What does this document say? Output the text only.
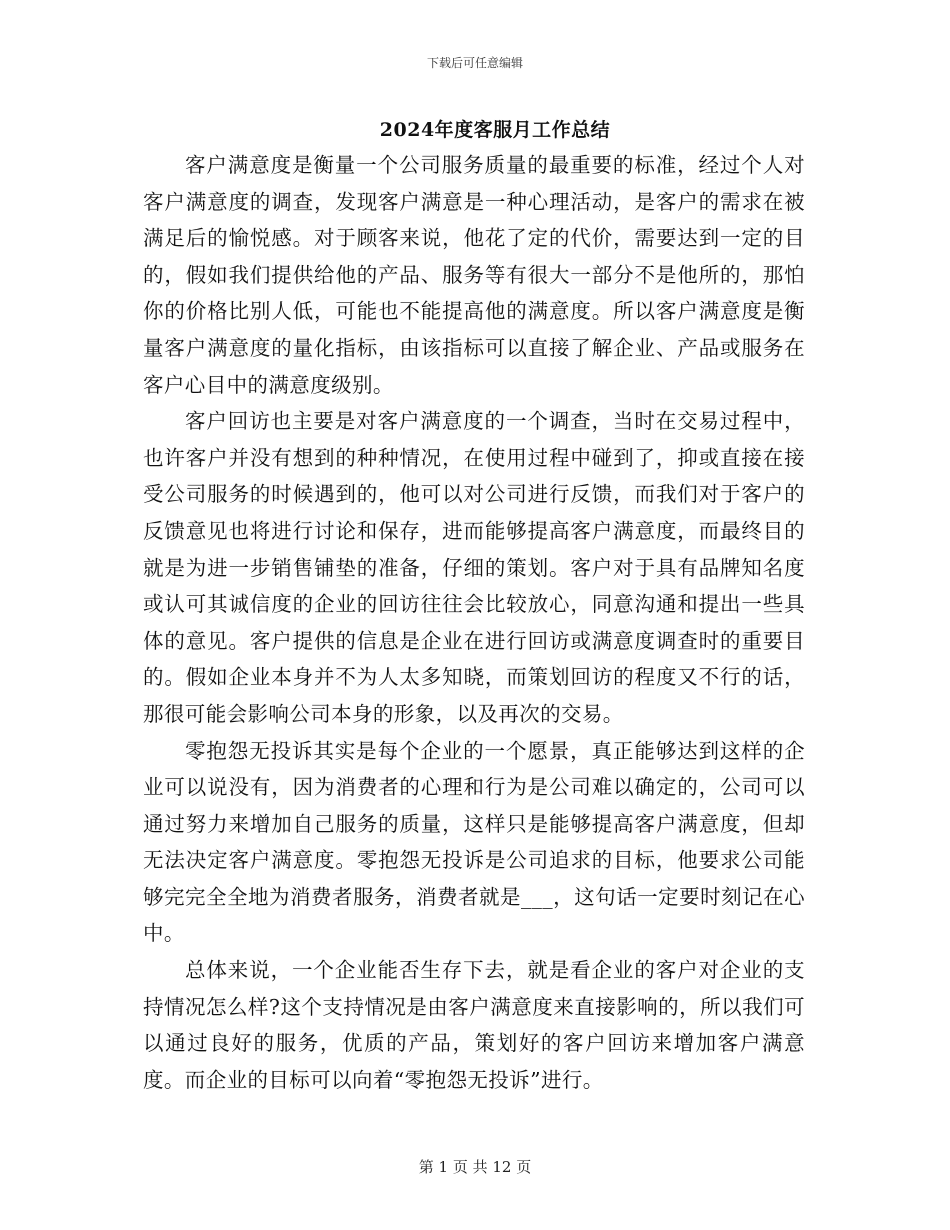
下载后可任意编辑
2024年度客服月工作总结

客户满意度是衡量一个公司服务质量的最重要的标准，经过个人对客户满意度的调查，发现客户满意是一种心理活动，是客户的需求在被满足后的愉悦感。对于顾客来说，他花了定的代价，需要达到一定的目的，假如我们提供给他的产品、服务等有很大一部分不是他所的，那怕你的价格比别人低，可能也不能提高他的满意度。所以客户满意度是衡量客户满意度的量化指标，由该指标可以直接了解企业、产品或服务在客户心目中的满意度级别。

客户回访也主要是对客户满意度的一个调查，当时在交易过程中，也许客户并没有想到的种种情况，在使用过程中碰到了，抑或直接在接受公司服务的时候遇到的，他可以对公司进行反馈，而我们对于客户的反馈意见也将进行讨论和保存，进而能够提高客户满意度，而最终目的就是为进一步销售铺垫的准备，仔细的策划。客户对于具有品牌知名度或认可其诚信度的企业的回访往往会比较放心，同意沟通和提出一些具体的意见。客户提供的信息是企业在进行回访或满意度调查时的重要目的。假如企业本身并不为人太多知晓，而策划回访的程度又不行的话，那很可能会影响公司本身的形象，以及再次的交易。

零抱怨无投诉其实是每个企业的一个愿景，真正能够达到这样的企业可以说没有，因为消费者的心理和行为是公司难以确定的，公司可以通过努力来增加自己服务的质量，这样只是能够提高客户满意度，但却无法决定客户满意度。零抱怨无投诉是公司追求的目标，他要求公司能够完完全全地为消费者服务，消费者就是___，这句话一定要时刻记在心中。

总体来说，一个企业能否生存下去，就是看企业的客户对企业的支持情况怎么样?这个支持情况是由客户满意度来直接影响的，所以我们可以通过良好的服务，优质的产品，策划好的客户回访来增加客户满意度。而企业的目标可以向着“零抱怨无投诉”进行。

第 1 页 共 12 页
